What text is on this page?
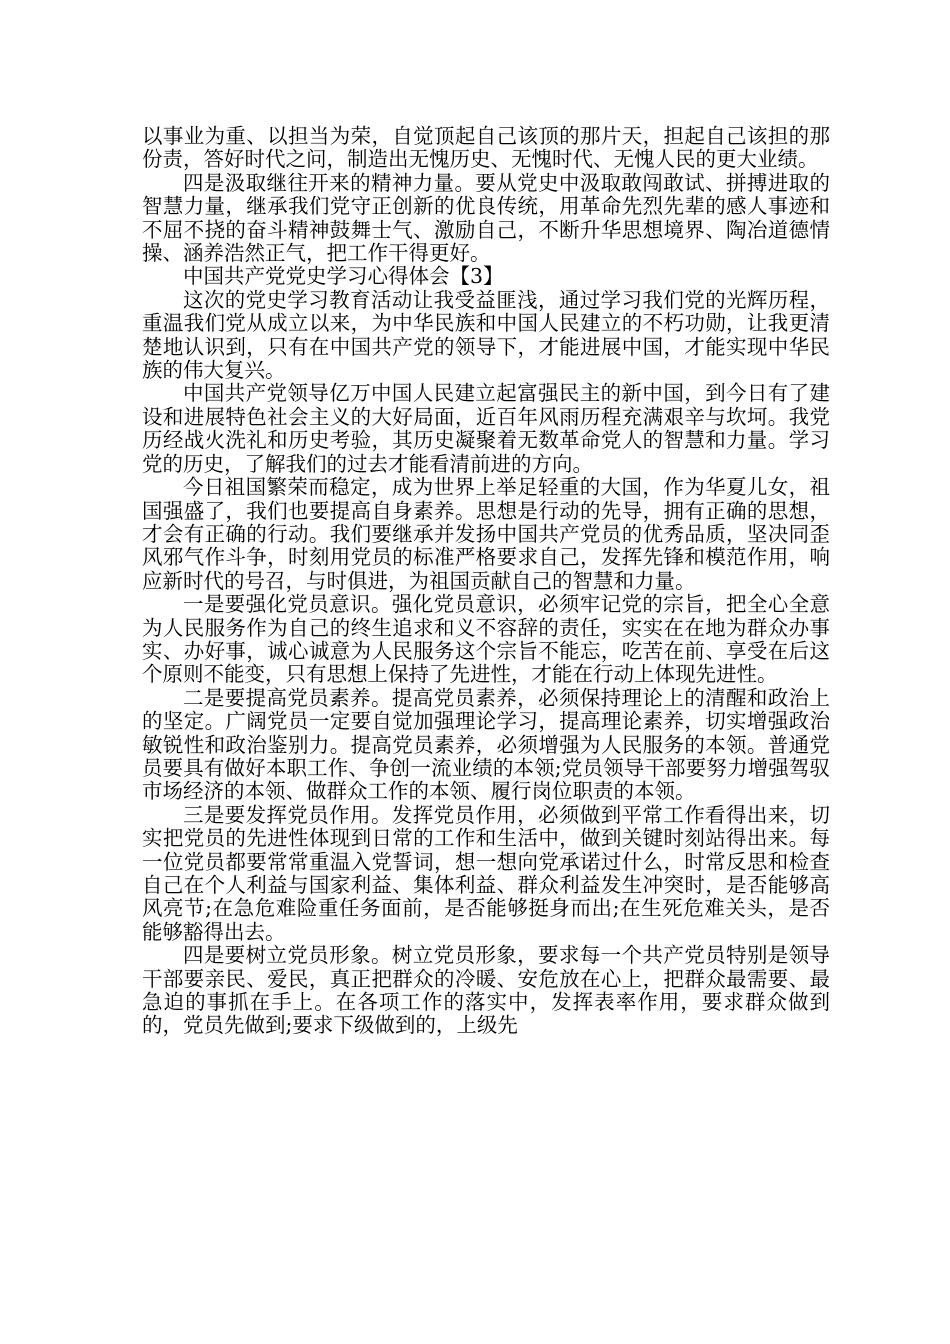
以事业为重、以担当为荣，自觉顶起自己该顶的那片天，担起自己该担的那份责，答好时代之问，制造出无愧历史、无愧时代、无愧人民的更大业绩。

四是汲取继往开来的精神力量。要从党史中汲取敢闯敢试、拼搏进取的智慧力量，继承我们党守正创新的优良传统，用革命先烈先辈的感人事迹和不屈不挠的奋斗精神鼓舞士气、激励自己，不断升华思想境界、陶冶道德情操、涵养浩然正气，把工作干得更好。

中国共产党党史学习心得体会【3】

这次的党史学习教育活动让我受益匪浅，通过学习我们党的光辉历程，重温我们党从成立以来，为中华民族和中国人民建立的不朽功勋，让我更清楚地认识到，只有在中国共产党的领导下，才能进展中国，才能实现中华民族的伟大复兴。

中国共产党领导亿万中国人民建立起富强民主的新中国，到今日有了建设和进展特色社会主义的大好局面，近百年风雨历程充满艰辛与坎坷。我党历经战火洗礼和历史考验，其历史凝聚着无数革命党人的智慧和力量。学习党的历史，了解我们的过去才能看清前进的方向。

今日祖国繁荣而稳定，成为世界上举足轻重的大国，作为华夏儿女，祖国强盛了，我们也要提高自身素养。思想是行动的先导，拥有正确的思想，才会有正确的行动。我们要继承并发扬中国共产党员的优秀品质，坚决同歪风邪气作斗争，时刻用党员的标准严格要求自己，发挥先锋和模范作用，响应新时代的号召，与时俱进，为祖国贡献自己的智慧和力量。

一是要强化党员意识。强化党员意识，必须牢记党的宗旨，把全心全意为人民服务作为自己的终生追求和义不容辞的责任，实实在在地为群众办事实、办好事，诚心诚意为人民服务这个宗旨不能忘，吃苦在前、享受在后这个原则不能变，只有思想上保持了先进性，才能在行动上体现先进性。

二是要提高党员素养。提高党员素养，必须保持理论上的清醒和政治上的坚定。广阔党员一定要自觉加强理论学习，提高理论素养，切实增强政治敏锐性和政治鉴别力。提高党员素养，必须增强为人民服务的本领。普通党员要具有做好本职工作、争创一流业绩的本领;党员领导干部要努力增强驾驭市场经济的本领、做群众工作的本领、履行岗位职责的本领。

三是要发挥党员作用。发挥党员作用，必须做到平常工作看得出来，切实把党员的先进性体现到日常的工作和生活中，做到关键时刻站得出来。每一位党员都要常常重温入党誓词，想一想向党承诺过什么，时常反思和检查自己在个人利益与国家利益、集体利益、群众利益发生冲突时，是否能够高风亮节;在急危难险重任务面前，是否能够挺身而出;在生死危难关头，是否能够豁得出去。

四是要树立党员形象。树立党员形象，要求每一个共产党员特别是领导干部要亲民、爱民，真正把群众的冷暖、安危放在心上，把群众最需要、最急迫的事抓在手上。在各项工作的落实中，发挥表率作用，要求群众做到的，党员先做到;要求下级做到的，上级先
